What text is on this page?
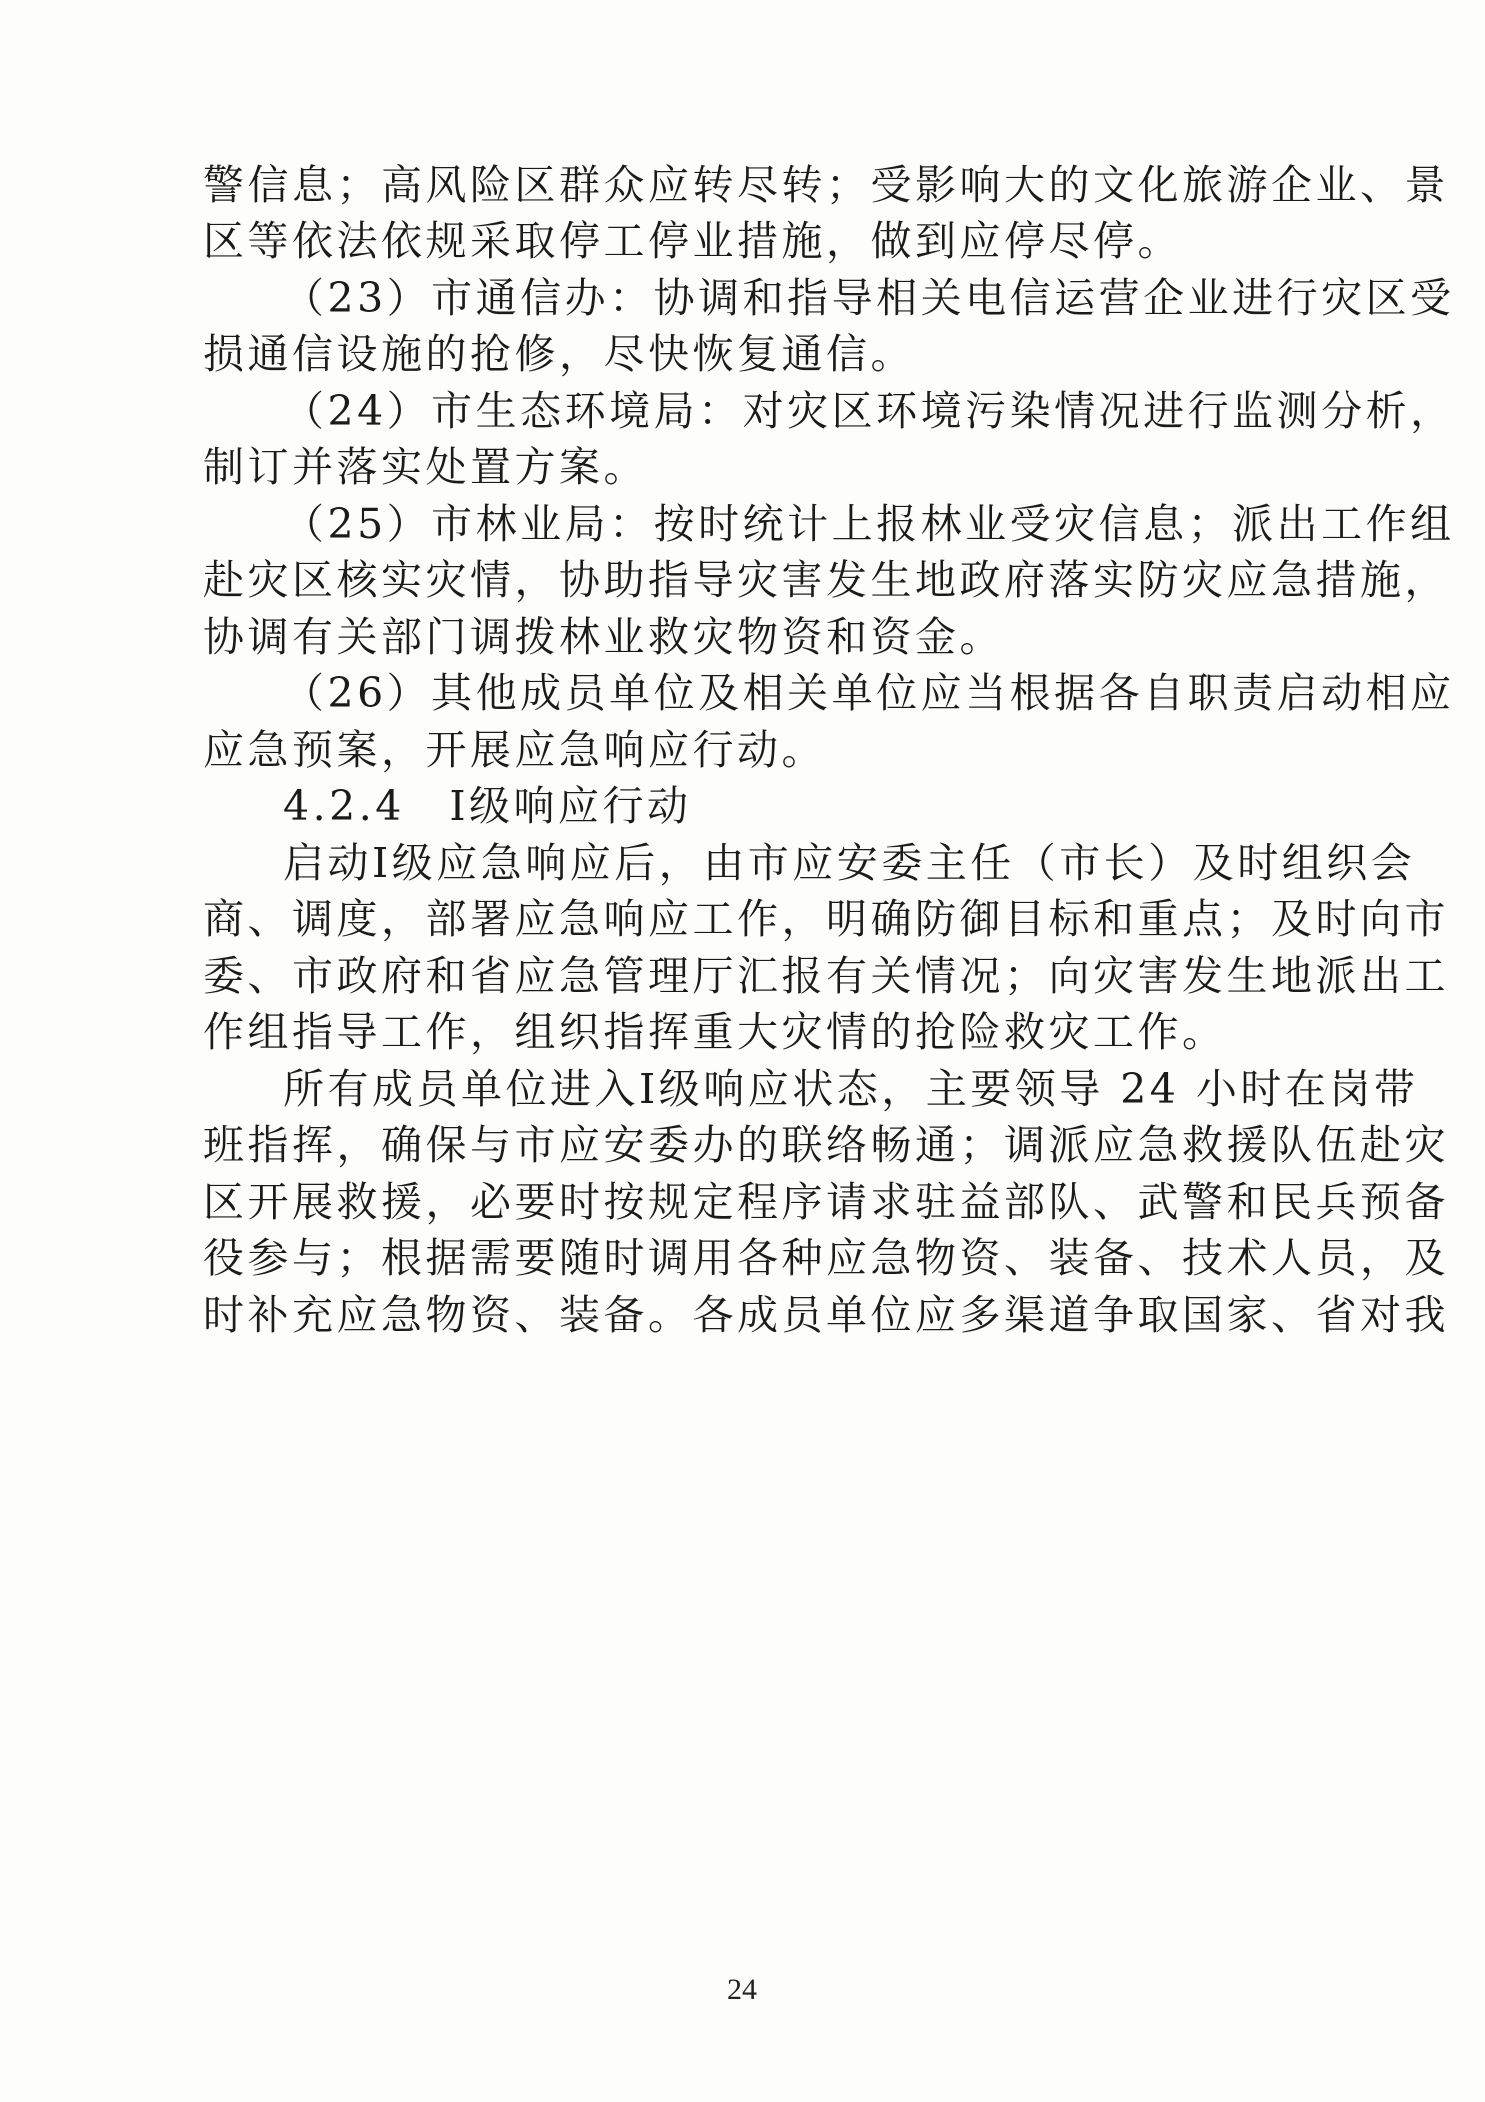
警信息；高风险区群众应转尽转；受影响大的文化旅游企业、景
区等依法依规采取停工停业措施，做到应停尽停。
（23）市通信办：协调和指导相关电信运营企业进行灾区受
损通信设施的抢修，尽快恢复通信。
（24）市生态环境局：对灾区环境污染情况进行监测分析，
制订并落实处置方案。
（25）市林业局：按时统计上报林业受灾信息；派出工作组
赴灾区核实灾情，协助指导灾害发生地政府落实防灾应急措施，
协调有关部门调拨林业救灾物资和资金。
（26）其他成员单位及相关单位应当根据各自职责启动相应
应急预案，开展应急响应行动。
4.2.4　Ⅰ级响应行动
启动Ⅰ级应急响应后，由市应安委主任（市长）及时组织会
商、调度，部署应急响应工作，明确防御目标和重点；及时向市
委、市政府和省应急管理厅汇报有关情况；向灾害发生地派出工
作组指导工作，组织指挥重大灾情的抢险救灾工作。
所有成员单位进入Ⅰ级响应状态，主要领导 24 小时在岗带
班指挥，确保与市应安委办的联络畅通；调派应急救援队伍赴灾
区开展救援，必要时按规定程序请求驻益部队、武警和民兵预备
役参与；根据需要随时调用各种应急物资、装备、技术人员，及
时补充应急物资、装备。各成员单位应多渠道争取国家、省对我
24
